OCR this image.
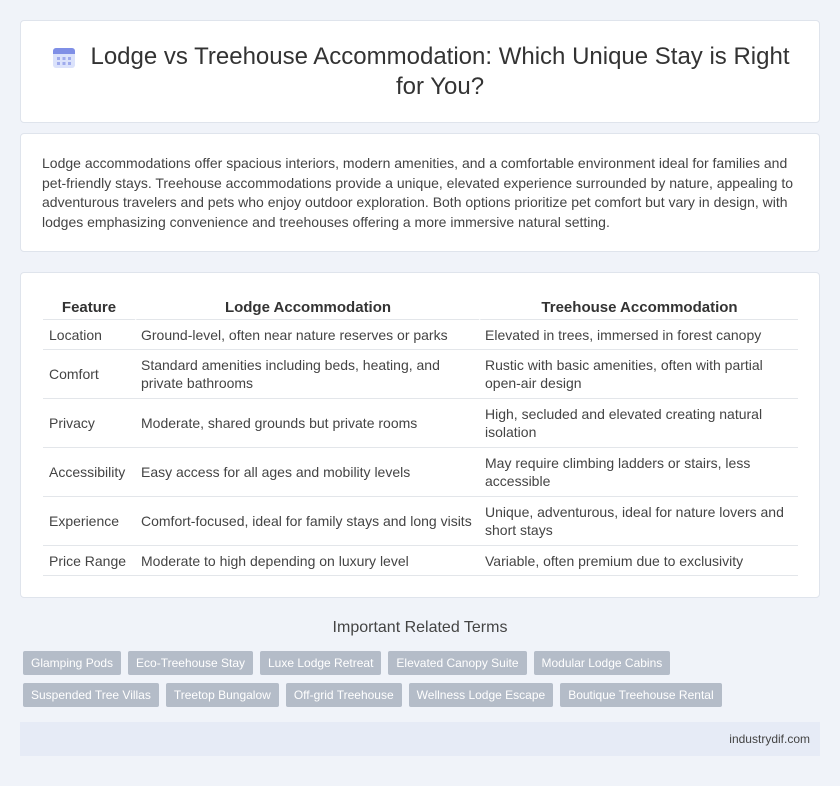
Lodge vs Treehouse Accommodation: Which Unique Stay is Right for You?

Lodge accommodations offer spacious interiors, modern amenities, and a comfortable environment ideal for families and pet-friendly stays. Treehouse accommodations provide a unique, elevated experience surrounded by nature, appealing to adventurous travelers and pets who enjoy outdoor exploration. Both options prioritize pet comfort but vary in design, with lodges emphasizing convenience and treehouses offering a more immersive natural setting.

Feature	Lodge Accommodation	Treehouse Accommodation
Location	Ground-level, often near nature reserves or parks	Elevated in trees, immersed in forest canopy
Comfort	Standard amenities including beds, heating, and private bathrooms	Rustic with basic amenities, often with partial open-air design
Privacy	Moderate, shared grounds but private rooms	High, secluded and elevated creating natural isolation
Accessibility	Easy access for all ages and mobility levels	May require climbing ladders or stairs, less accessible
Experience	Comfort-focused, ideal for family stays and long visits	Unique, adventurous, ideal for nature lovers and short stays
Price Range	Moderate to high depending on luxury level	Variable, often premium due to exclusivity
Important Related Terms
Glamping Pods	Eco-Treehouse Stay	Luxe Lodge Retreat	Elevated Canopy Suite	Modular Lodge Cabins
Suspended Tree Villas	Treetop Bungalow	Off-grid Treehouse	Wellness Lodge Escape	Boutique Treehouse Rental
industrydif.com
